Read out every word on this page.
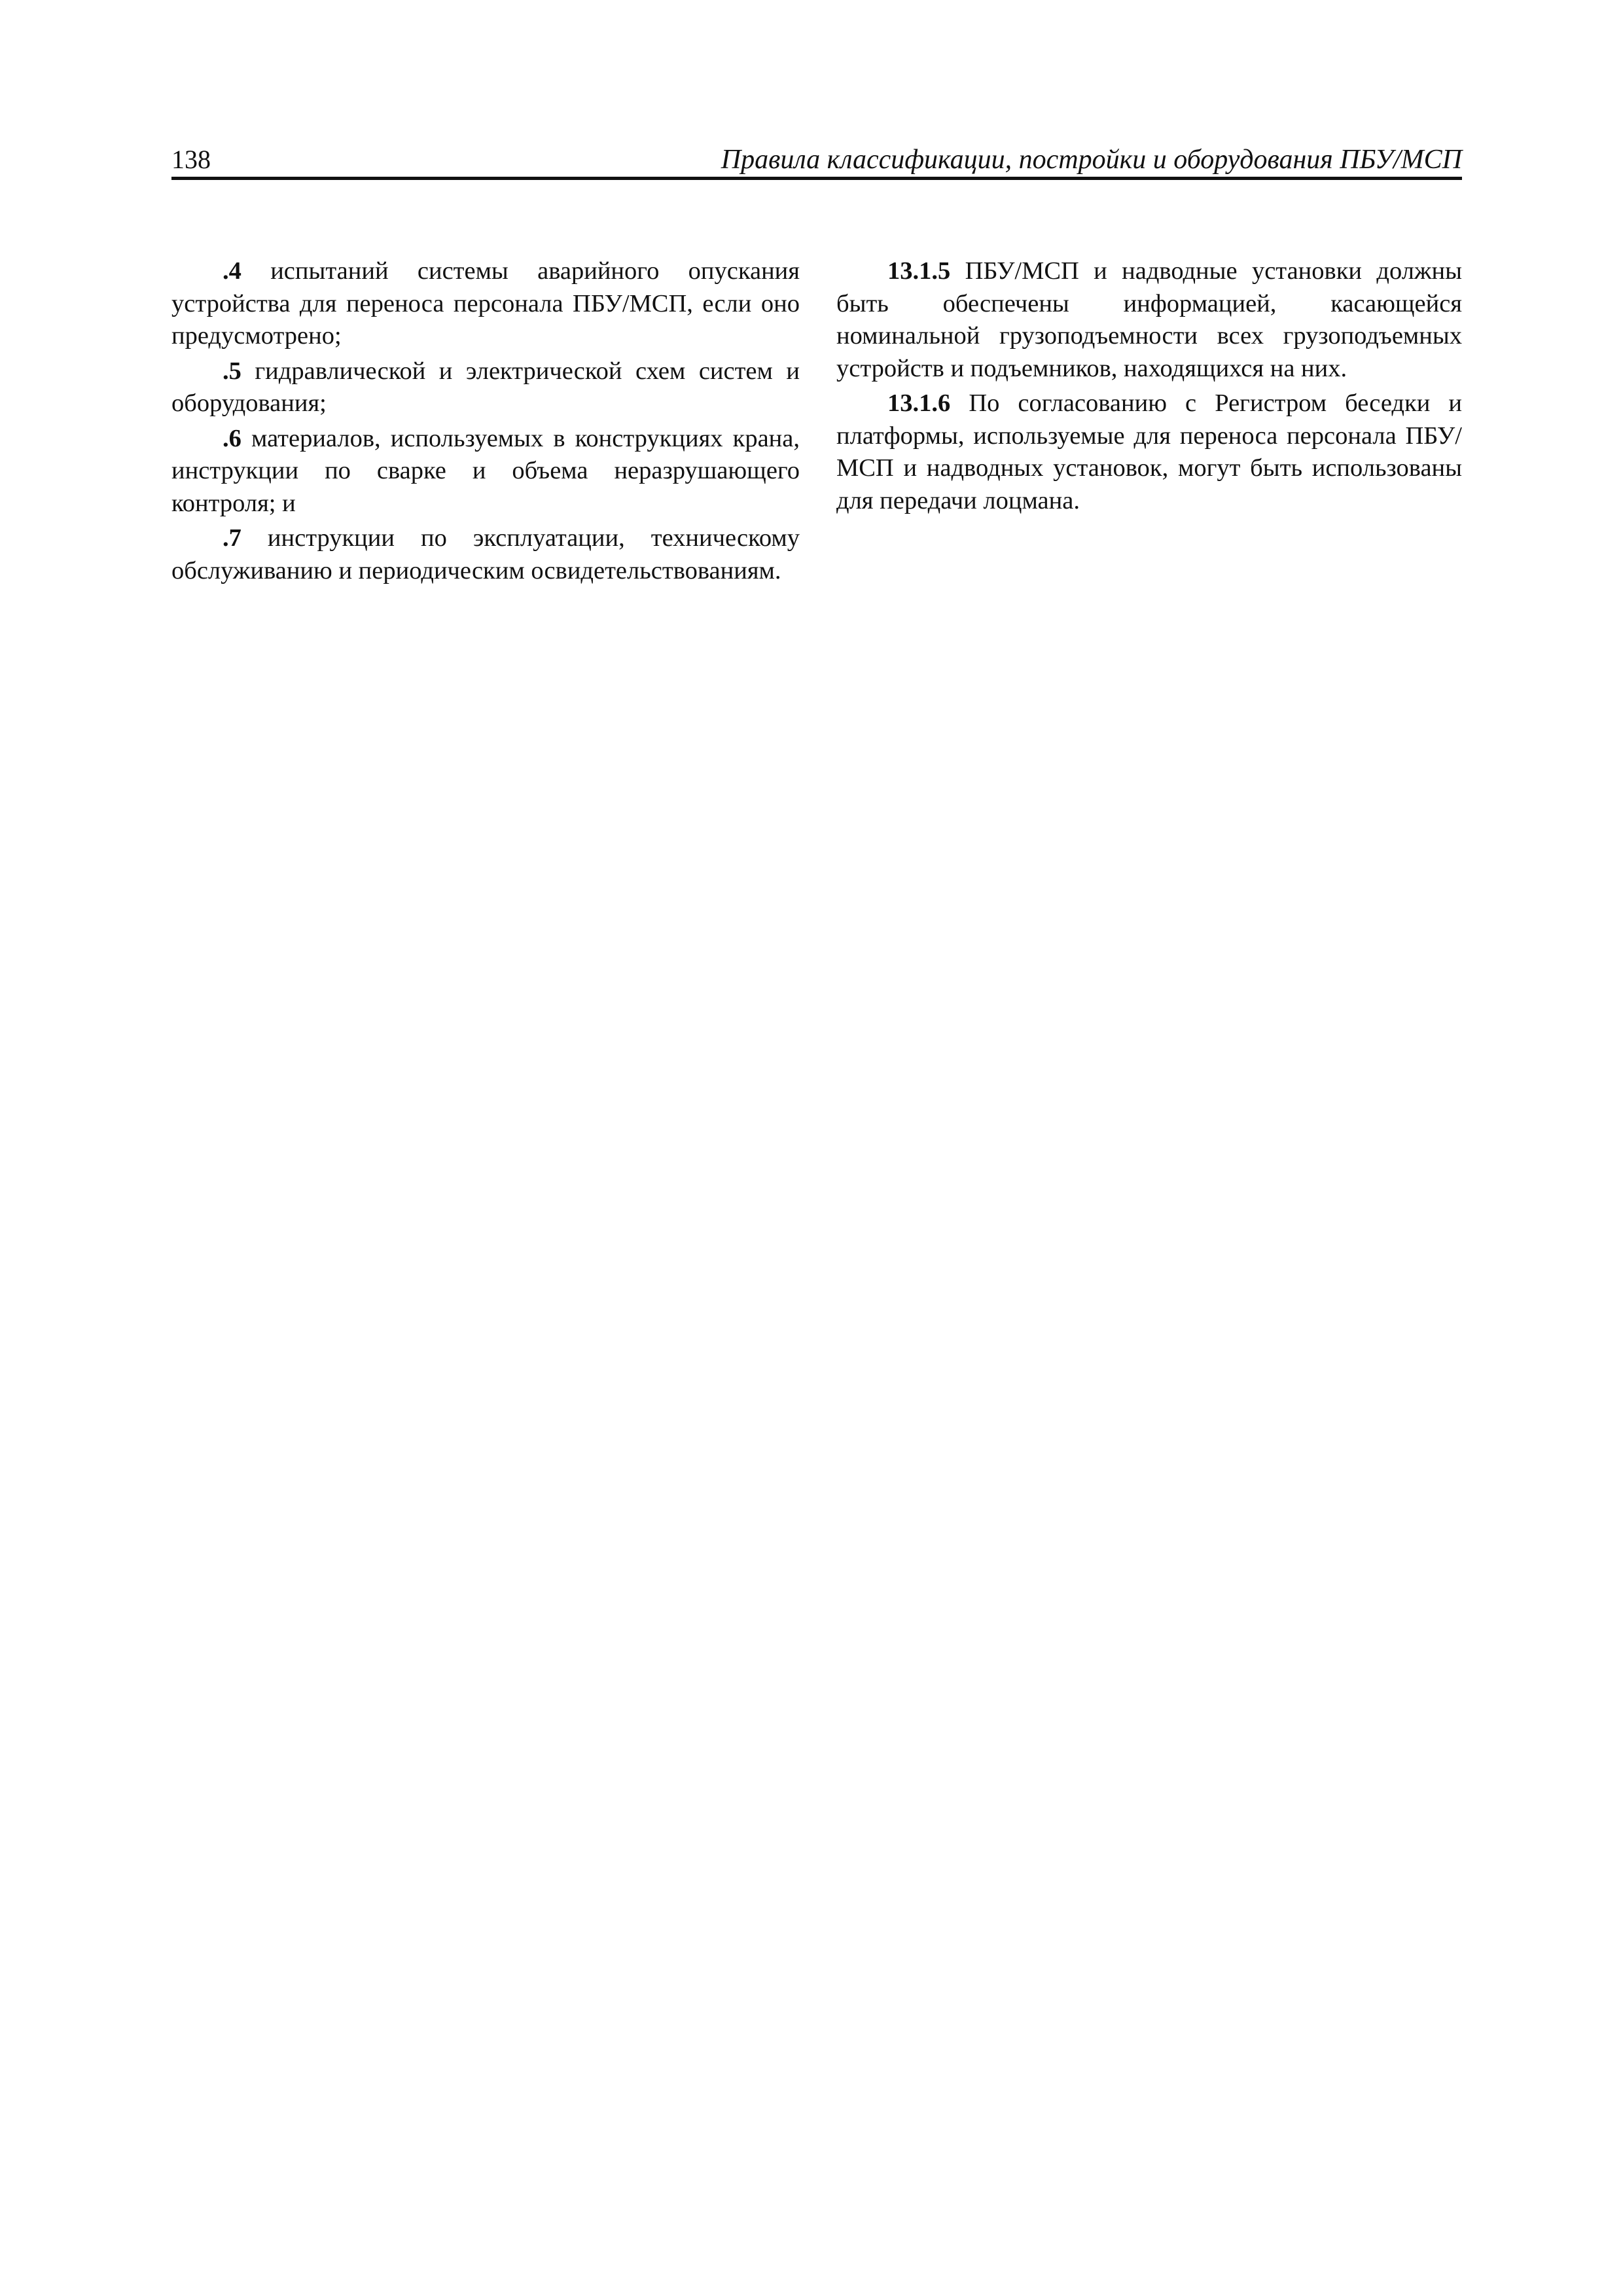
138	Правила классификации, постройки и оборудования ПБУ/МСП

.4 испытаний системы аварийного опускания устройства для переноса персонала ПБУ/МСП, если оно предусмотрено;

.5 гидравлической и электрической схем систем и оборудования;

.6 материалов, используемых в конструкциях крана, инструкции по сварке и объема неразрушающего контроля; и

.7 инструкции по эксплуатации, техническому обслуживанию и периодическим освидетельствованиям.

13.1.5 ПБУ/МСП и надводные установки должны быть обеспечены информацией, касающейся номинальной грузоподъемности всех грузоподъемных устройств и подъемников, находящихся на них.

13.1.6 По согласованию с Регистром беседки и платформы, используемые для переноса персонала ПБУ/МСП и надводных установок, могут быть использованы для передачи лоцмана.
